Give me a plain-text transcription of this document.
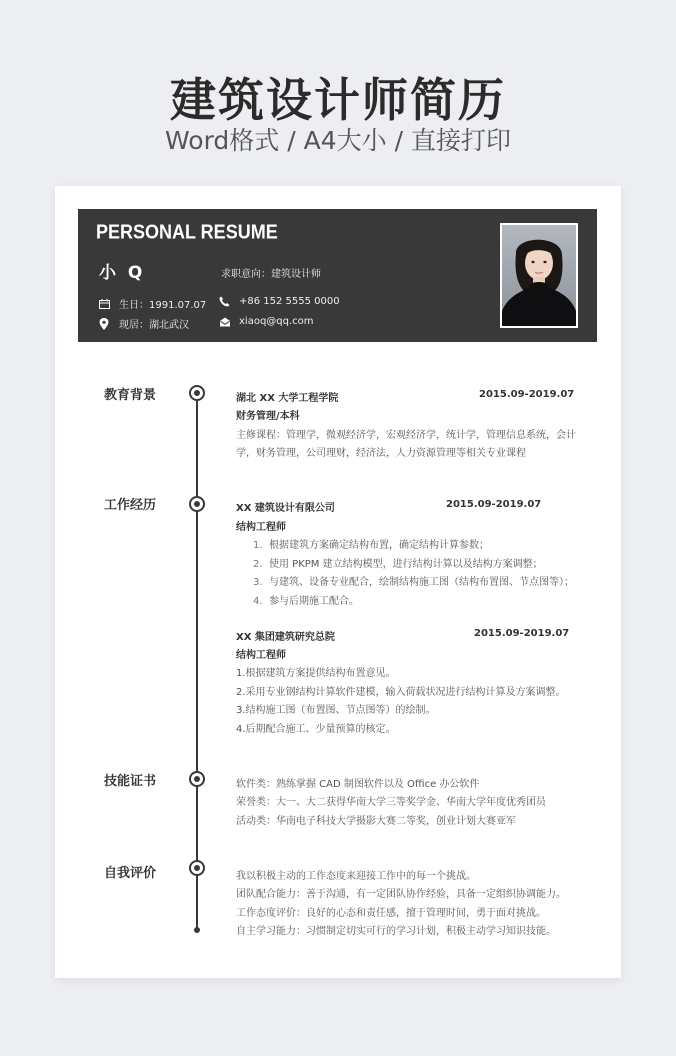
建筑设计师简历
Word格式 / A4大小 / 直接打印
PERSONAL RESUME
小 Q	求职意向：建筑设计师
生日：1991.07.07
现居：湖北武汉
+86 152 5555 0000
xiaoq@qq.com
教育背景	湖北 XX 大学工程学院	2015.09-2019.07
财务管理/本科
主修课程：管理学，微观经济学，宏观经济学，统计学，管理信息系统，会计
学，财务管理，公司理财，经济法，人力资源管理等相关专业课程
工作经历	XX 建筑设计有限公司	2015.09-2019.07
结构工程师
1. 根据建筑方案确定结构布置，确定结构计算参数；
2. 使用 PKPM 建立结构模型，进行结构计算以及结构方案调整；
3. 与建筑、设备专业配合，绘制结构施工图（结构布置图、节点图等）；
4. 参与后期施工配合。
XX 集团建筑研究总院	2015.09-2019.07
结构工程师
1.根据建筑方案提供结构布置意见。
2.采用专业钢结构计算软件建模，输入荷载状况进行结构计算及方案调整。
3.结构施工图（布置图、节点图等）的绘制。
4.后期配合施工、少量预算的核定。
技能证书	软件类：熟练掌握 CAD 制图软件以及 Office 办公软件
荣誉类：大一、大二获得华南大学三等奖学金、华南大学年度优秀团员
活动类：华南电子科技大学摄影大赛二等奖，创业计划大赛亚军
自我评价	我以积极主动的工作态度来迎接工作中的每一个挑战。
团队配合能力：善于沟通，有一定团队协作经验，具备一定组织协调能力。
工作态度评价：良好的心态和责任感，擅于管理时间，勇于面对挑战。
自主学习能力：习惯制定切实可行的学习计划，积极主动学习知识技能。
